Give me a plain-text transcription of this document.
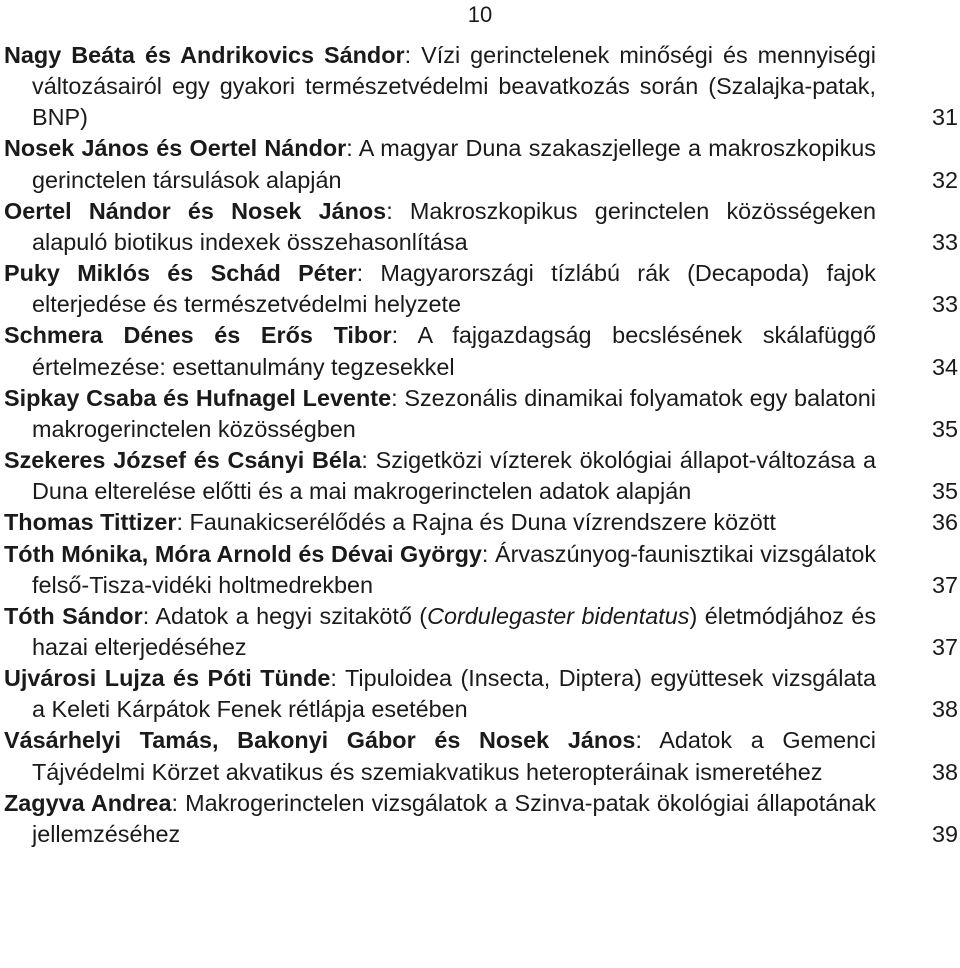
10
Nagy Beáta és Andrikovics Sándor: Vízi gerinctelenek minőségi és mennyiségi változásairól egy gyakori természetvédelmi beavatkozás során (Szalajka-patak, BNP)	31
Nosek János és Oertel Nándor: A magyar Duna szakaszjellege a makroszkopikus gerinctelen társulások alapján	32
Oertel Nándor és Nosek János: Makroszkopikus gerinctelen közösségeken alapuló biotikus indexek összehasonlítása	33
Puky Miklós és Schád Péter: Magyarországi tízlábú rák (Decapoda) fajok elterjedése és természetvédelmi helyzete	33
Schmera Dénes és Erős Tibor: A fajgazdagság becslésének skálafüggő értelmezése: esettanulmány tegzesekkel	34
Sipkay Csaba és Hufnagel Levente: Szezonális dinamikai folyamatok egy balatoni makrogerinctelen közösségben	35
Szekeres József és Csányi Béla: Szigetközi vízterek ökológiai állapot-változása a Duna elterelése előtti és a mai makrogerinctelen adatok alapján	35
Thomas Tittizer: Faunakicserélődés a Rajna és Duna vízrendszere között	36
Tóth Mónika, Móra Arnold és Dévai György: Árvaszúnyog-faunisztikai vizsgálatok felső-Tisza-vidéki holtmedrekben	37
Tóth Sándor: Adatok a hegyi szitakötő (Cordulegaster bidentatus) életmódjához és hazai elterjedéséhez	37
Ujvárosi Lujza és Póti Tünde: Tipuloidea (Insecta, Diptera) együttesek vizsgálata a Keleti Kárpátok Fenek rétlápja esetében	38
Vásárhelyi Tamás, Bakonyi Gábor és Nosek János: Adatok a Gemenci Tájvédelmi Körzet akvatikus és szemiakvatikus heteropteráinak ismeretéhez	38
Zagyva Andrea: Makrogerinctelen vizsgálatok a Szinva-patak ökológiai állapotának jellemzéséhez	39
